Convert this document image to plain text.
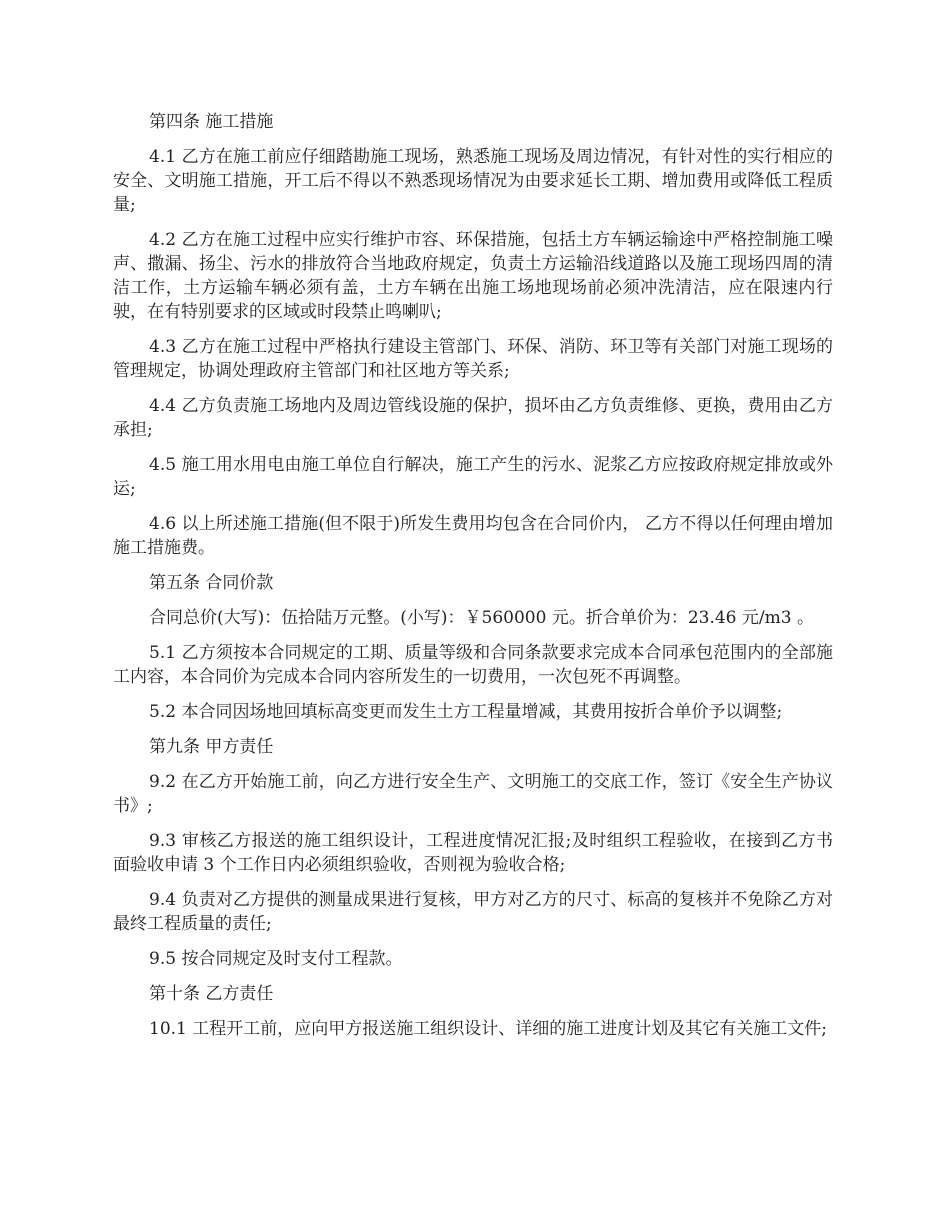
第四条 施工措施

4.1 乙方在施工前应仔细踏勘施工现场，熟悉施工现场及周边情况，有针对性的实行相应的安全、文明施工措施，开工后不得以不熟悉现场情况为由要求延长工期、增加费用或降低工程质量;

4.2 乙方在施工过程中应实行维护市容、环保措施，包括土方车辆运输途中严格控制施工噪声、撒漏、扬尘、污水的排放符合当地政府规定，负责土方运输沿线道路以及施工现场四周的清洁工作，土方运输车辆必须有盖，土方车辆在出施工场地现场前必须冲洗清洁，应在限速内行驶，在有特别要求的区域或时段禁止鸣喇叭;

4.3 乙方在施工过程中严格执行建设主管部门、环保、消防、环卫等有关部门对施工现场的管理规定，协调处理政府主管部门和社区地方等关系;

4.4 乙方负责施工场地内及周边管线设施的保护，损坏由乙方负责维修、更换，费用由乙方承担;

4.5 施工用水用电由施工单位自行解决，施工产生的污水、泥浆乙方应按政府规定排放或外运;

4.6 以上所述施工措施(但不限于)所发生费用均包含在合同价内， 乙方不得以任何理由增加施工措施费。

第五条 合同价款

合同总价(大写)：伍拾陆万元整。(小写)：￥560000 元。折合单价为：23.46 元/m3 。

5.1 乙方须按本合同规定的工期、质量等级和合同条款要求完成本合同承包范围内的全部施工内容，本合同价为完成本合同内容所发生的一切费用，一次包死不再调整。

5.2 本合同因场地回填标高变更而发生土方工程量增减，其费用按折合单价予以调整;

第九条 甲方责任

9.2 在乙方开始施工前，向乙方进行安全生产、文明施工的交底工作，签订《安全生产协议书》;

9.3 审核乙方报送的施工组织设计，工程进度情况汇报;及时组织工程验收，在接到乙方书面验收申请 3 个工作日内必须组织验收，否则视为验收合格;

9.4 负责对乙方提供的测量成果进行复核，甲方对乙方的尺寸、标高的复核并不免除乙方对最终工程质量的责任;

9.5 按合同规定及时支付工程款。

第十条 乙方责任

10.1 工程开工前，应向甲方报送施工组织设计、详细的施工进度计划及其它有关施工文件;
